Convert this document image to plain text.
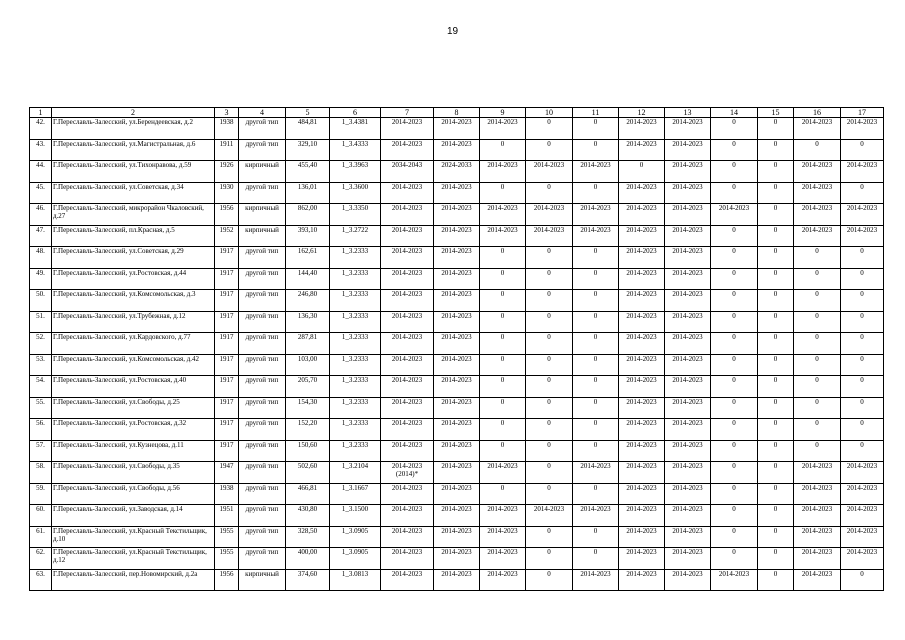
19
1	2	3	4	5	6	7	8	9	10	11	12	13	14	15	16	17
42.	Г.Переславль-Залесский, ул.Берендеевская, д.2	1938	другой тип	484,81	1_3.4381	2014-2023	2014-2023	2014-2023	0	0	2014-2023	2014-2023	0	0	2014-2023	2014-2023
43.	Г.Переславль-Залесский, ул.Магистральная, д.6	1911	другой тип	329,10	1_3.4333	2014-2023	2014-2023	0	0	0	2014-2023	2014-2023	0	0	0	0
44.	Г.Переславль-Залесский, ул.Тихонравова, д.59	1926	кирпичный	455,40	1_3.3963	2034-2043	2024-2033	2014-2023	2014-2023	2014-2023	0	2014-2023	0	0	2014-2023	2014-2023
45.	Г.Переславль-Залесский, ул.Советская, д.34	1930	другой тип	136,01	1_3.3600	2014-2023	2014-2023	0	0	0	2014-2023	2014-2023	0	0	2014-2023	0
46.	Г.Переславль-Залесский, микрорайон Чкаловский, д.27	1956	кирпичный	862,00	1_3.3350	2014-2023	2014-2023	2014-2023	2014-2023	2014-2023	2014-2023	2014-2023	2014-2023	0	2014-2023	2014-2023
47.	Г.Переславль-Залесский, пл.Красная, д.5	1952	кирпичный	393,10	1_3.2722	2014-2023	2014-2023	2014-2023	2014-2023	2014-2023	2014-2023	2014-2023	0	0	2014-2023	2014-2023
48.	Г.Переславль-Залесский, ул.Советская, д.29	1917	другой тип	162,61	1_3.2333	2014-2023	2014-2023	0	0	0	2014-2023	2014-2023	0	0	0	0
49.	Г.Переславль-Залесский, ул.Ростовская, д.44	1917	другой тип	144,40	1_3.2333	2014-2023	2014-2023	0	0	0	2014-2023	2014-2023	0	0	0	0
50.	Г.Переславль-Залесский, ул.Комсомольская, д.3	1917	другой тип	246,80	1_3.2333	2014-2023	2014-2023	0	0	0	2014-2023	2014-2023	0	0	0	0
51.	Г.Переславль-Залесский, ул.Трубежная, д.12	1917	другой тип	136,30	1_3.2333	2014-2023	2014-2023	0	0	0	2014-2023	2014-2023	0	0	0	0
52.	Г.Переславль-Залесский, ул.Кардовского, д.77	1917	другой тип	287,81	1_3.2333	2014-2023	2014-2023	0	0	0	2014-2023	2014-2023	0	0	0	0
53.	Г.Переславль-Залесский, ул.Комсомольская, д.42	1917	другой тип	103,00	1_3.2333	2014-2023	2014-2023	0	0	0	2014-2023	2014-2023	0	0	0	0
54.	Г.Переславль-Залесский, ул.Ростовская, д.40	1917	другой тип	205,70	1_3.2333	2014-2023	2014-2023	0	0	0	2014-2023	2014-2023	0	0	0	0
55.	Г.Переславль-Залесский, ул.Свободы, д.25	1917	другой тип	154,30	1_3.2333	2014-2023	2014-2023	0	0	0	2014-2023	2014-2023	0	0	0	0
56.	Г.Переславль-Залесский, ул.Ростовская, д.32	1917	другой тип	152,20	1_3.2333	2014-2023	2014-2023	0	0	0	2014-2023	2014-2023	0	0	0	0
57.	Г.Переславль-Залесский, ул.Кузнецова, д.11	1917	другой тип	150,60	1_3.2333	2014-2023	2014-2023	0	0	0	2014-2023	2014-2023	0	0	0	0
58.	Г.Переславль-Залесский, ул.Свободы, д.35	1947	другой тип	502,60	1_3.2104	2014-2023 (2014)*	2014-2023	2014-2023	0	2014-2023	2014-2023	2014-2023	0	0	2014-2023	2014-2023
59.	Г.Переславль-Залесский, ул.Свободы, д.56	1938	другой тип	466,81	1_3.1667	2014-2023	2014-2023	0	0	0	2014-2023	2014-2023	0	0	2014-2023	2014-2023
60.	Г.Переславль-Залесский, ул.Заводская, д.14	1951	другой тип	430,80	1_3.1500	2014-2023	2014-2023	2014-2023	2014-2023	2014-2023	2014-2023	2014-2023	0	0	2014-2023	2014-2023
61.	Г.Переславль-Залесский, ул.Красный Текстильщик, д.10	1955	другой тип	328,50	1_3.0905	2014-2023	2014-2023	2014-2023	0	0	2014-2023	2014-2023	0	0	2014-2023	2014-2023
62.	Г.Переславль-Залесский, ул.Красный Текстильщик, д.12	1955	другой тип	400,00	1_3.0905	2014-2023	2014-2023	2014-2023	0	0	2014-2023	2014-2023	0	0	2014-2023	2014-2023
63.	Г.Переславль-Залесский, пер.Новомирский, д.2а	1956	кирпичный	374,60	1_3.0813	2014-2023	2014-2023	2014-2023	0	2014-2023	2014-2023	2014-2023	2014-2023	0	2014-2023	0
